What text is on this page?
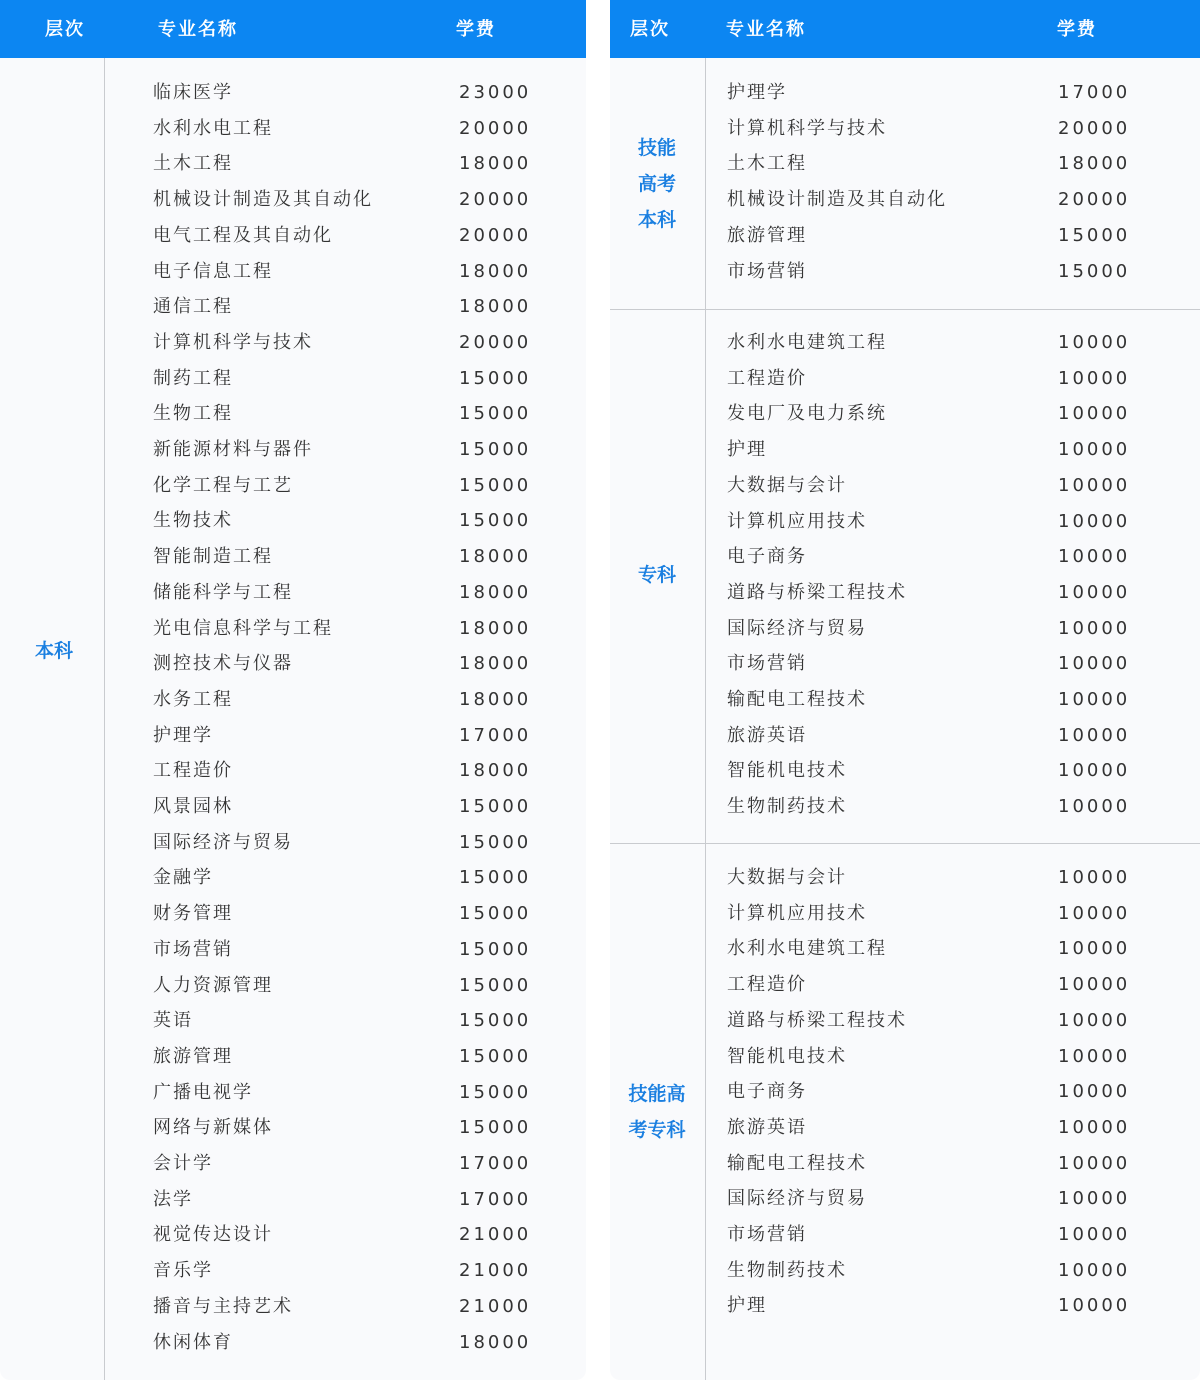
层次	专业名称	学费
临床医学	23000
水利水电工程	20000
土木工程	18000
机械设计制造及其自动化	20000
电气工程及其自动化	20000
电子信息工程	18000
通信工程	18000
计算机科学与技术	20000
制药工程	15000
生物工程	15000
新能源材料与器件	15000
化学工程与工艺	15000
生物技术	15000
智能制造工程	18000
储能科学与工程	18000
光电信息科学与工程	18000
测控技术与仪器	18000
水务工程	18000
护理学	17000
工程造价	18000
风景园林	15000
国际经济与贸易	15000
金融学	15000
财务管理	15000
市场营销	15000
人力资源管理	15000
英语	15000
旅游管理	15000
广播电视学	15000
网络与新媒体	15000
会计学	17000
法学	17000
视觉传达设计	21000
音乐学	21000
播音与主持艺术	21000
休闲体育	18000
本科
层次	专业名称	学费
护理学	17000
计算机科学与技术	20000
土木工程	18000
机械设计制造及其自动化	20000
旅游管理	15000
市场营销	15000
技能
高考
本科
水利水电建筑工程	10000
工程造价	10000
发电厂及电力系统	10000
护理	10000
大数据与会计	10000
计算机应用技术	10000
电子商务	10000
道路与桥梁工程技术	10000
国际经济与贸易	10000
市场营销	10000
输配电工程技术	10000
旅游英语	10000
智能机电技术	10000
生物制药技术	10000
专科
大数据与会计	10000
计算机应用技术	10000
水利水电建筑工程	10000
工程造价	10000
道路与桥梁工程技术	10000
智能机电技术	10000
电子商务	10000
旅游英语	10000
输配电工程技术	10000
国际经济与贸易	10000
市场营销	10000
生物制药技术	10000
护理	10000
技能高
考专科
